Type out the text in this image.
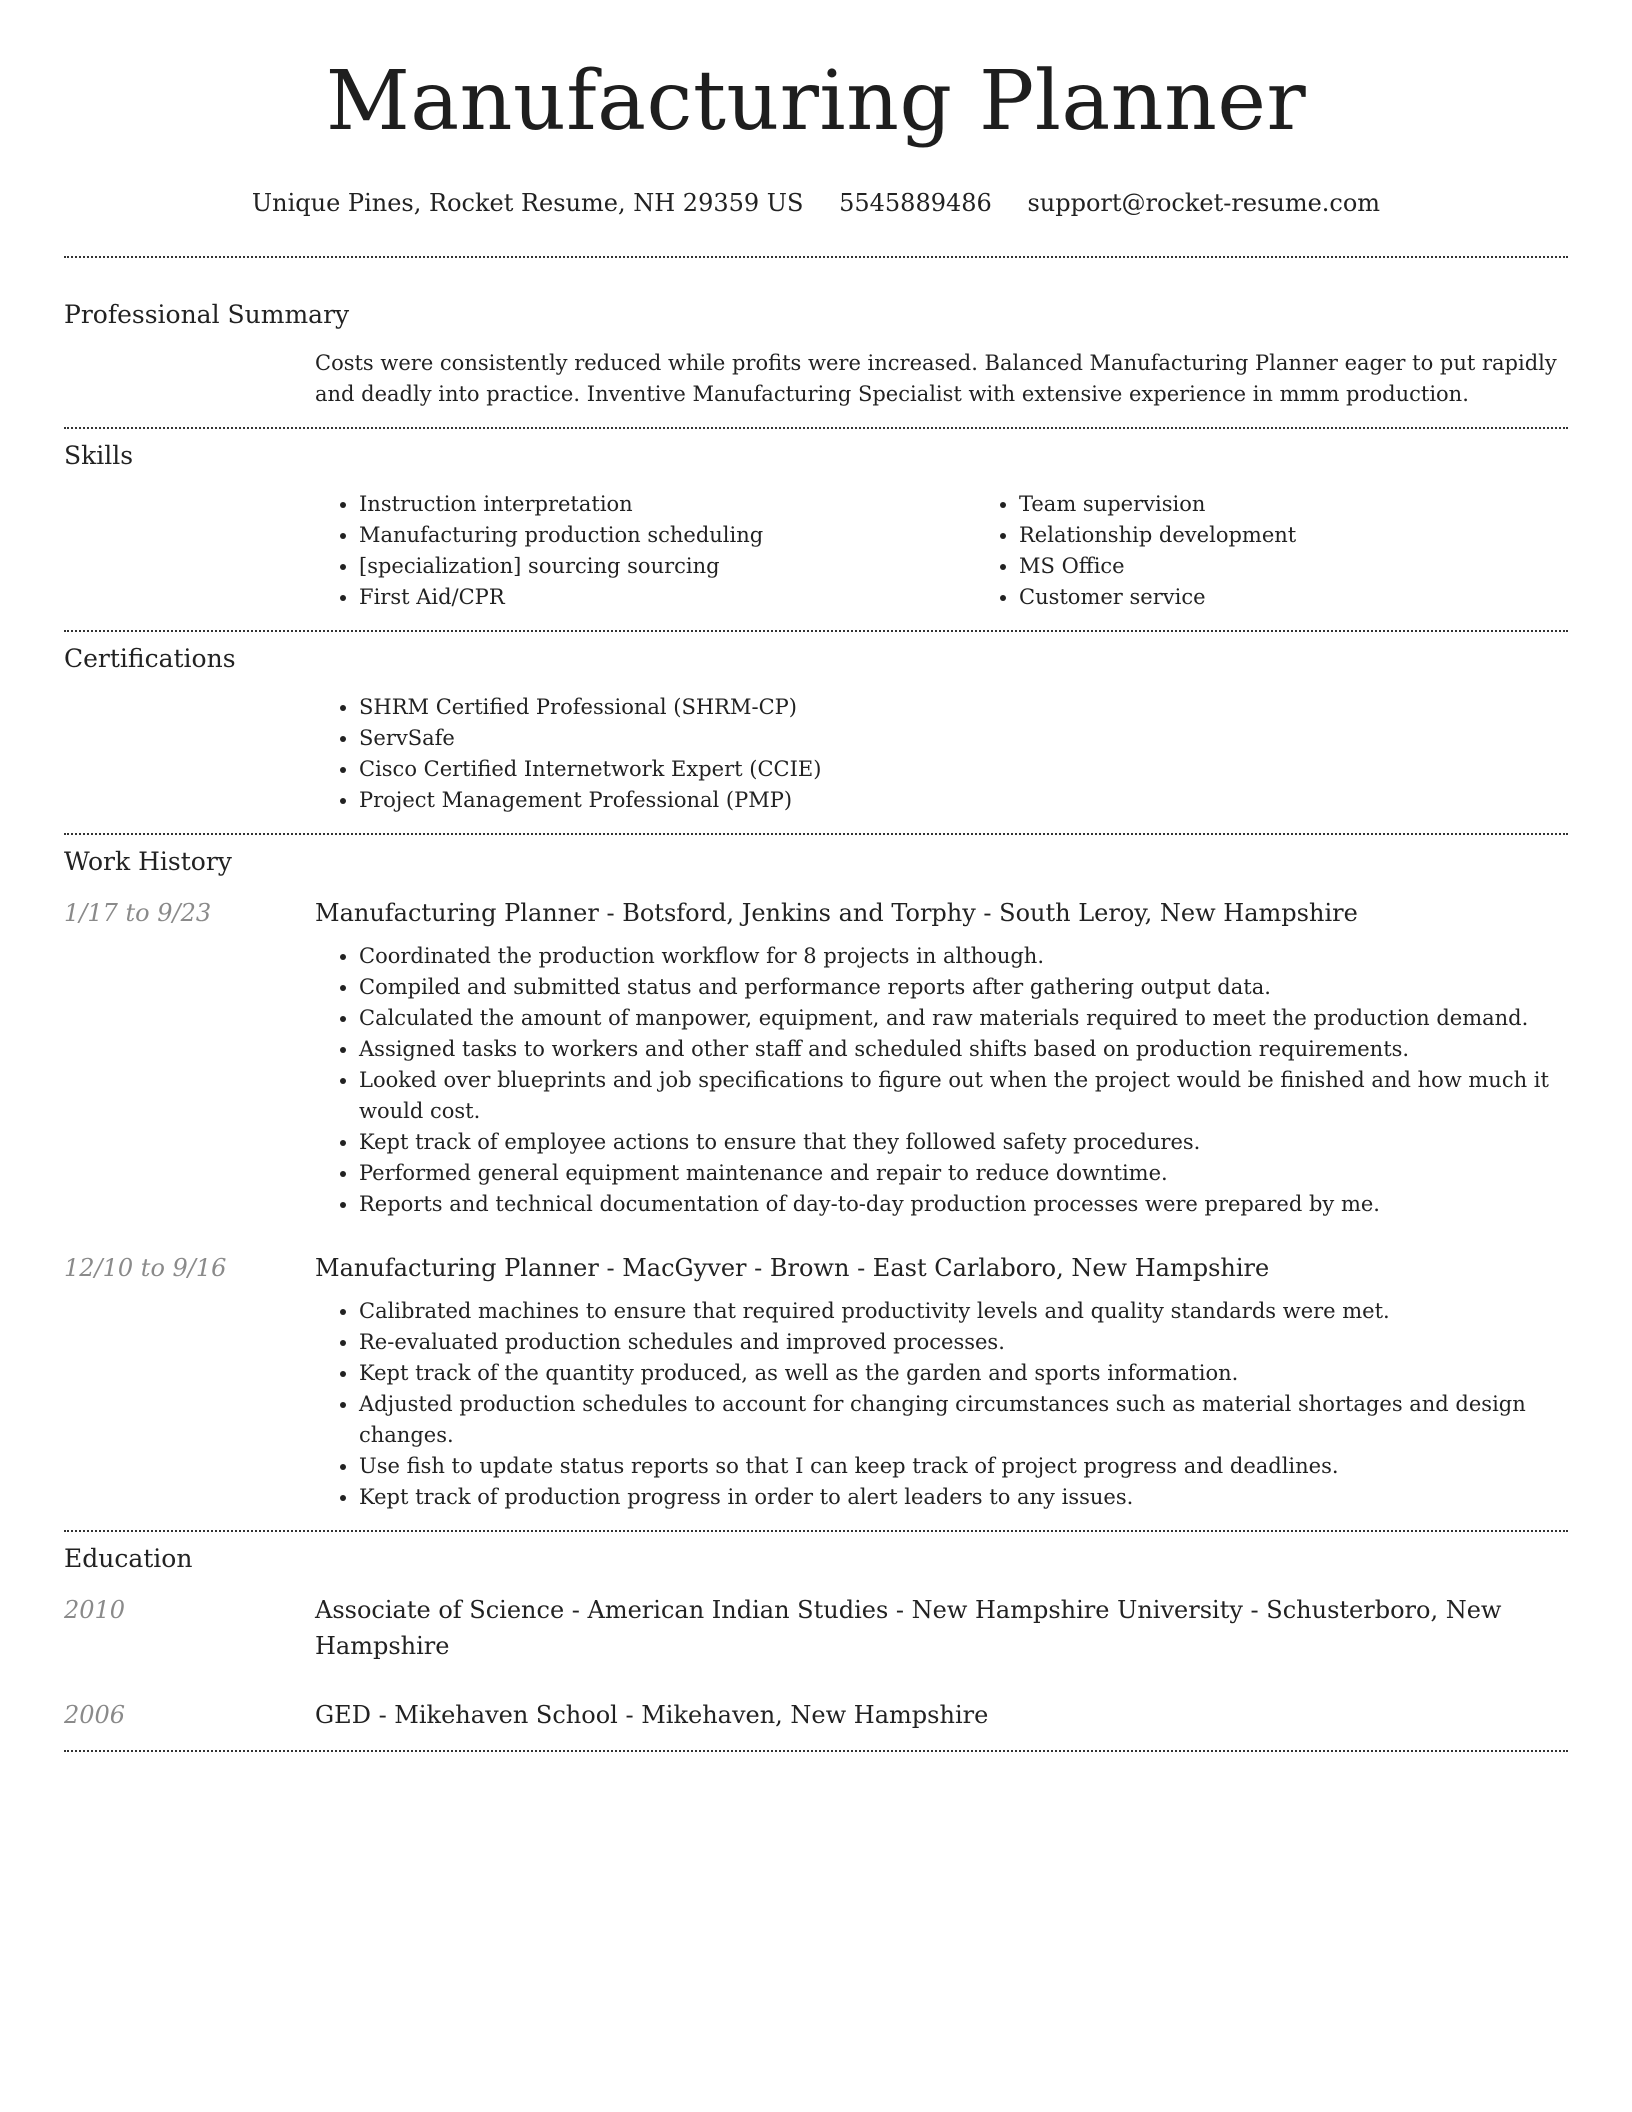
Manufacturing Planner
Unique Pines, Rocket Resume, NH 29359 US 5545889486 support@rocket-resume.com
Professional Summary

Costs were consistently reduced while profits were increased. Balanced Manufacturing Planner eager to put rapidly and deadly into practice. Inventive Manufacturing Specialist with extensive experience in mmm production.

Skills
• Instruction interpretation
• Manufacturing production scheduling
• [specialization] sourcing sourcing
• First Aid/CPR
• Team supervision
• Relationship development
• MS Office
• Customer service
Certifications
• SHRM Certified Professional (SHRM-CP)
• ServSafe
• Cisco Certified Internetwork Expert (CCIE)
• Project Management Professional (PMP)
Work History
1/17 to 9/23	Manufacturing Planner - Botsford, Jenkins and Torphy - South Leroy, New Hampshire
• Coordinated the production workflow for 8 projects in although.
• Compiled and submitted status and performance reports after gathering output data.
• Calculated the amount of manpower, equipment, and raw materials required to meet the production demand.
• Assigned tasks to workers and other staff and scheduled shifts based on production requirements.
• Looked over blueprints and job specifications to figure out when the project would be finished and how much it would cost.
• Kept track of employee actions to ensure that they followed safety procedures.
• Performed general equipment maintenance and repair to reduce downtime.
• Reports and technical documentation of day-to-day production processes were prepared by me.
12/10 to 9/16	Manufacturing Planner - MacGyver - Brown - East Carlaboro, New Hampshire
• Calibrated machines to ensure that required productivity levels and quality standards were met.
• Re-evaluated production schedules and improved processes.
• Kept track of the quantity produced, as well as the garden and sports information.
• Adjusted production schedules to account for changing circumstances such as material shortages and design changes.
• Use fish to update status reports so that I can keep track of project progress and deadlines.
• Kept track of production progress in order to alert leaders to any issues.
Education
2010	Associate of Science - American Indian Studies - New Hampshire University - Schusterboro, New Hampshire
2006	GED - Mikehaven School - Mikehaven, New Hampshire
